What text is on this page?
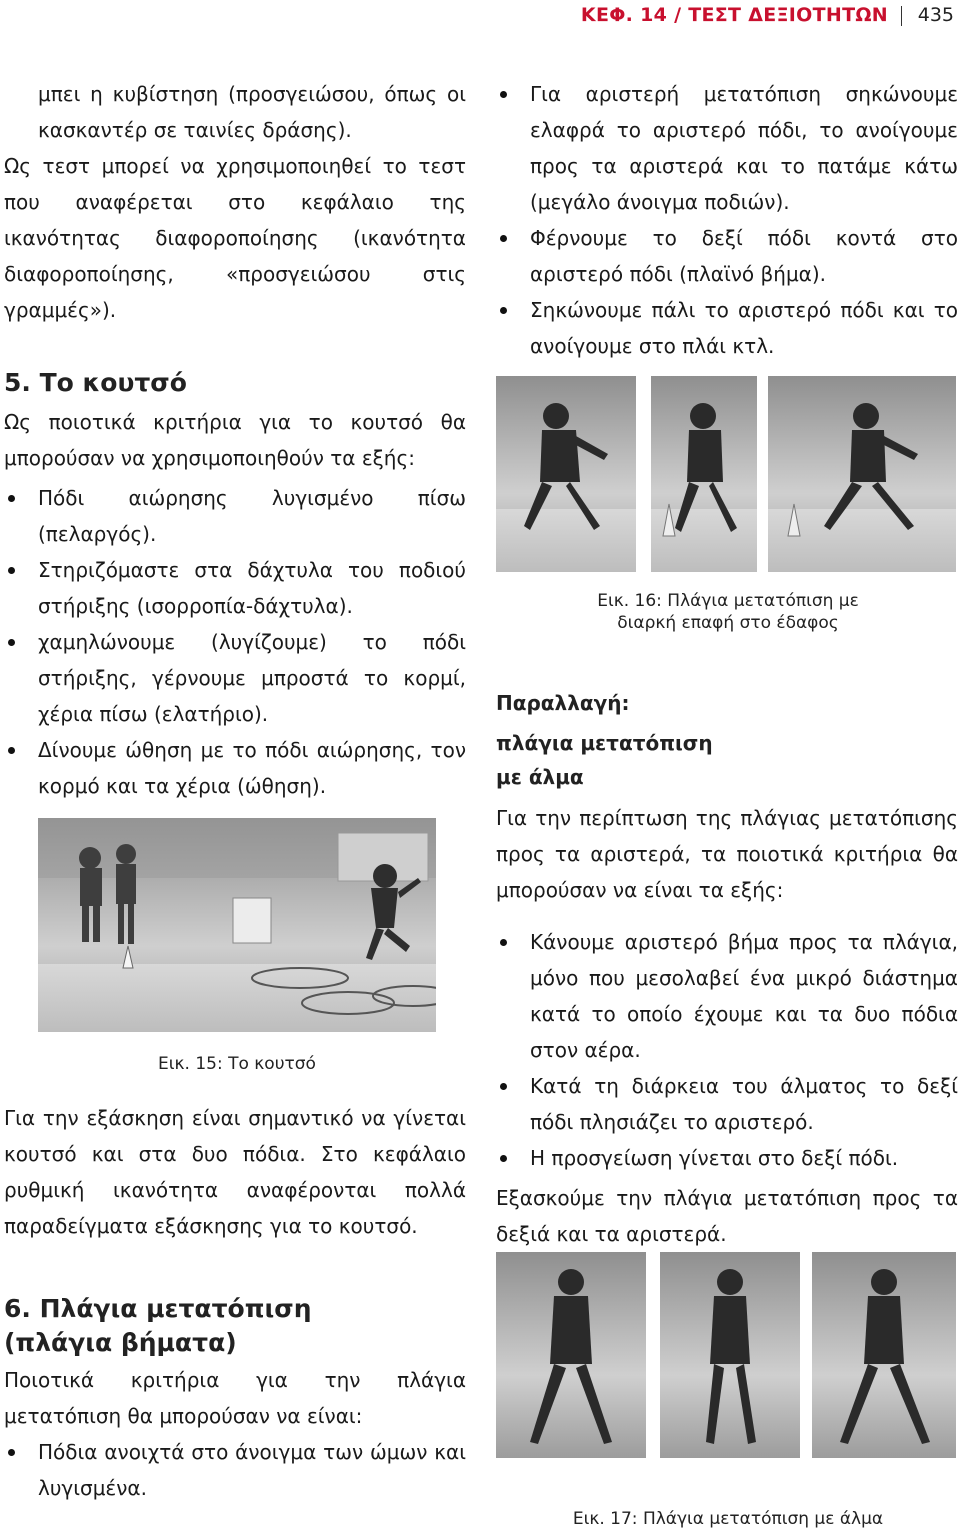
ΚΕΦ. 14 / ΤΕΣΤ ΔΕΞΙΟΤΗΤΩΝ 435

μπει η κυβίστηση (προσγειώσου, όπως οι κασκαντέρ σε ταινίες δράσης).

Ως τεστ μπορεί να χρησιμοποιηθεί το τεστ που αναφέρεται στο κεφάλαιο της ικανότητας διαφοροποίησης (ικανότητα διαφοροποίησης, «προσγειώσου στις γραμμές»).

5. Το κουτσό

Ως ποιοτικά κριτήρια για το κουτσό θα μπορούσαν να χρησιμοποιηθούν τα εξής:

Πόδι αιώρησης λυγισμένο πίσω (πελαργός).
Στηριζόμαστε στα δάχτυλα του ποδιού στήριξης (ισορροπία-δάχτυλα).
χαμηλώνουμε (λυγίζουμε) το πόδι στήριξης, γέρνουμε μπροστά το κορμί, χέρια πίσω (ελατήριο).
Δίνουμε ώθηση με το πόδι αιώρησης, τον κορμό και τα χέρια (ώθηση).
Εικ. 15: Το κουτσό

Για την εξάσκηση είναι σημαντικό να γίνεται κουτσό και στα δυο πόδια. Στο κεφάλαιο ρυθμική ικανότητα αναφέρονται πολλά παραδείγματα εξάσκησης για το κουτσό.

6. Πλάγια μετατόπιση
(πλάγια βήματα)

Ποιοτικά κριτήρια για την πλάγια μετατόπιση θα μπορούσαν να είναι:

Πόδια ανοιχτά στο άνοιγμα των ώμων και λυγισμένα.
Για αριστερή μετατόπιση σηκώνουμε ελαφρά το αριστερό πόδι, το ανοίγουμε προς τα αριστερά και το πατάμε κάτω (μεγάλο άνοιγμα ποδιών).
Φέρνουμε το δεξί πόδι κοντά στο αριστερό πόδι (πλαϊνό βήμα).
Σηκώνουμε πάλι το αριστερό πόδι και το ανοίγουμε στο πλάι κτλ.
Εικ. 16: Πλάγια μετατόπιση με
διαρκή επαφή στο έδαφος
Παραλλαγή:
πλάγια μετατόπιση
με άλμα

Για την περίπτωση της πλάγιας μετατόπισης προς τα αριστερά, τα ποιοτικά κριτήρια θα μπορούσαν να είναι τα εξής:

Κάνουμε αριστερό βήμα προς τα πλάγια, μόνο που μεσολαβεί ένα μικρό διάστημα κατά το οποίο έχουμε και τα δυο πόδια στον αέρα.
Κατά τη διάρκεια του άλματος το δεξί πόδι πλησιάζει το αριστερό.
Η προσγείωση γίνεται στο δεξί πόδι.

Εξασκούμε την πλάγια μετατόπιση προς τα δεξιά και τα αριστερά.

Εικ. 17: Πλάγια μετατόπιση με άλμα
